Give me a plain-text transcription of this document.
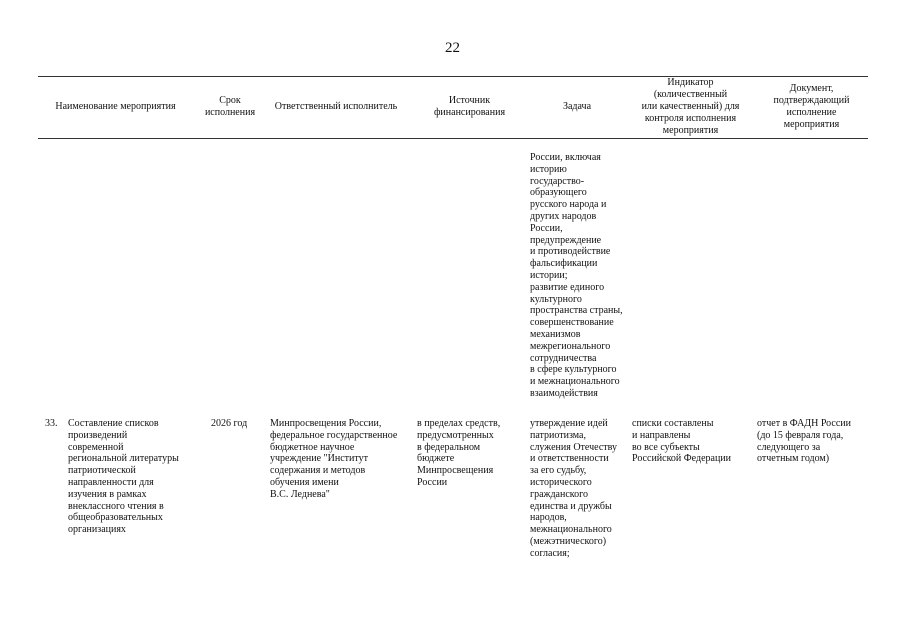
22
Наименование мероприятия
Срок
исполнения
Ответственный исполнитель
Источник
финансирования
Задача
Индикатор
(количественный
или качественный) для
контроля исполнения
мероприятия
Документ,
подтверждающий
исполнение
мероприятия
России, включая
историю
государство-
образующего
русского народа и
других народов
России,
предупреждение
и противодействие
фальсификации
истории;
развитие единого
культурного
пространства страны,
совершенствование
механизмов
межрегионального
сотрудничества
в сфере культурного
и межнационального
взаимодействия
33. Составление списков
произведений
современной
региональной литературы
патриотической
направленности для
изучения в рамках
внеклассного чтения в
общеобразовательных
организациях
2026 год	Минпросвещения России,
федеральное государственное
бюджетное научное
учреждение "Институт
содержания и методов
обучения имени
В.С. Леднева"
в пределах средств,
предусмотренных
в федеральном
бюджете
Минпросвещения
России
утверждение идей
патриотизма,
служения Отечеству
и ответственности
за его судьбу,
исторического
гражданского
единства и дружбы
народов,
межнационального
(межэтнического)
согласия;
списки составлены
и направлены
во все субъекты
Российской Федерации
отчет в ФАДН России
(до 15 февраля года,
следующего за
отчетным годом)
